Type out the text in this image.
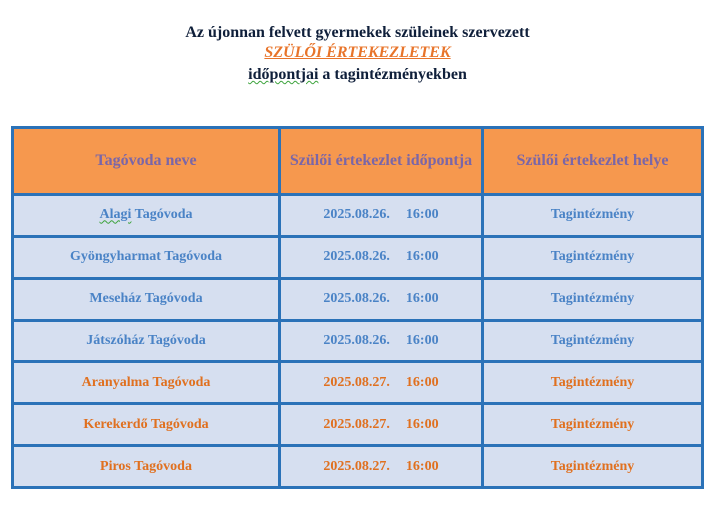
Az újonnan felvett gyermekek szüleinek szervezett
SZÜLŐI ÉRTEKEZLETEK
időpontjai a tagintézményekben
Tagóvoda neve	Szülői értekezlet időpontja	Szülői értekezlet helye
Alagi Tagóvoda	2025.08.26. 16:00	Tagintézmény
Gyöngyharmat Tagóvoda	2025.08.26. 16:00	Tagintézmény
Meseház Tagóvoda	2025.08.26. 16:00	Tagintézmény
Játszóház Tagóvoda	2025.08.26. 16:00	Tagintézmény
Aranyalma Tagóvoda	2025.08.27. 16:00	Tagintézmény
Kerekerdő Tagóvoda	2025.08.27. 16:00	Tagintézmény
Piros Tagóvoda	2025.08.27. 16:00	Tagintézmény
